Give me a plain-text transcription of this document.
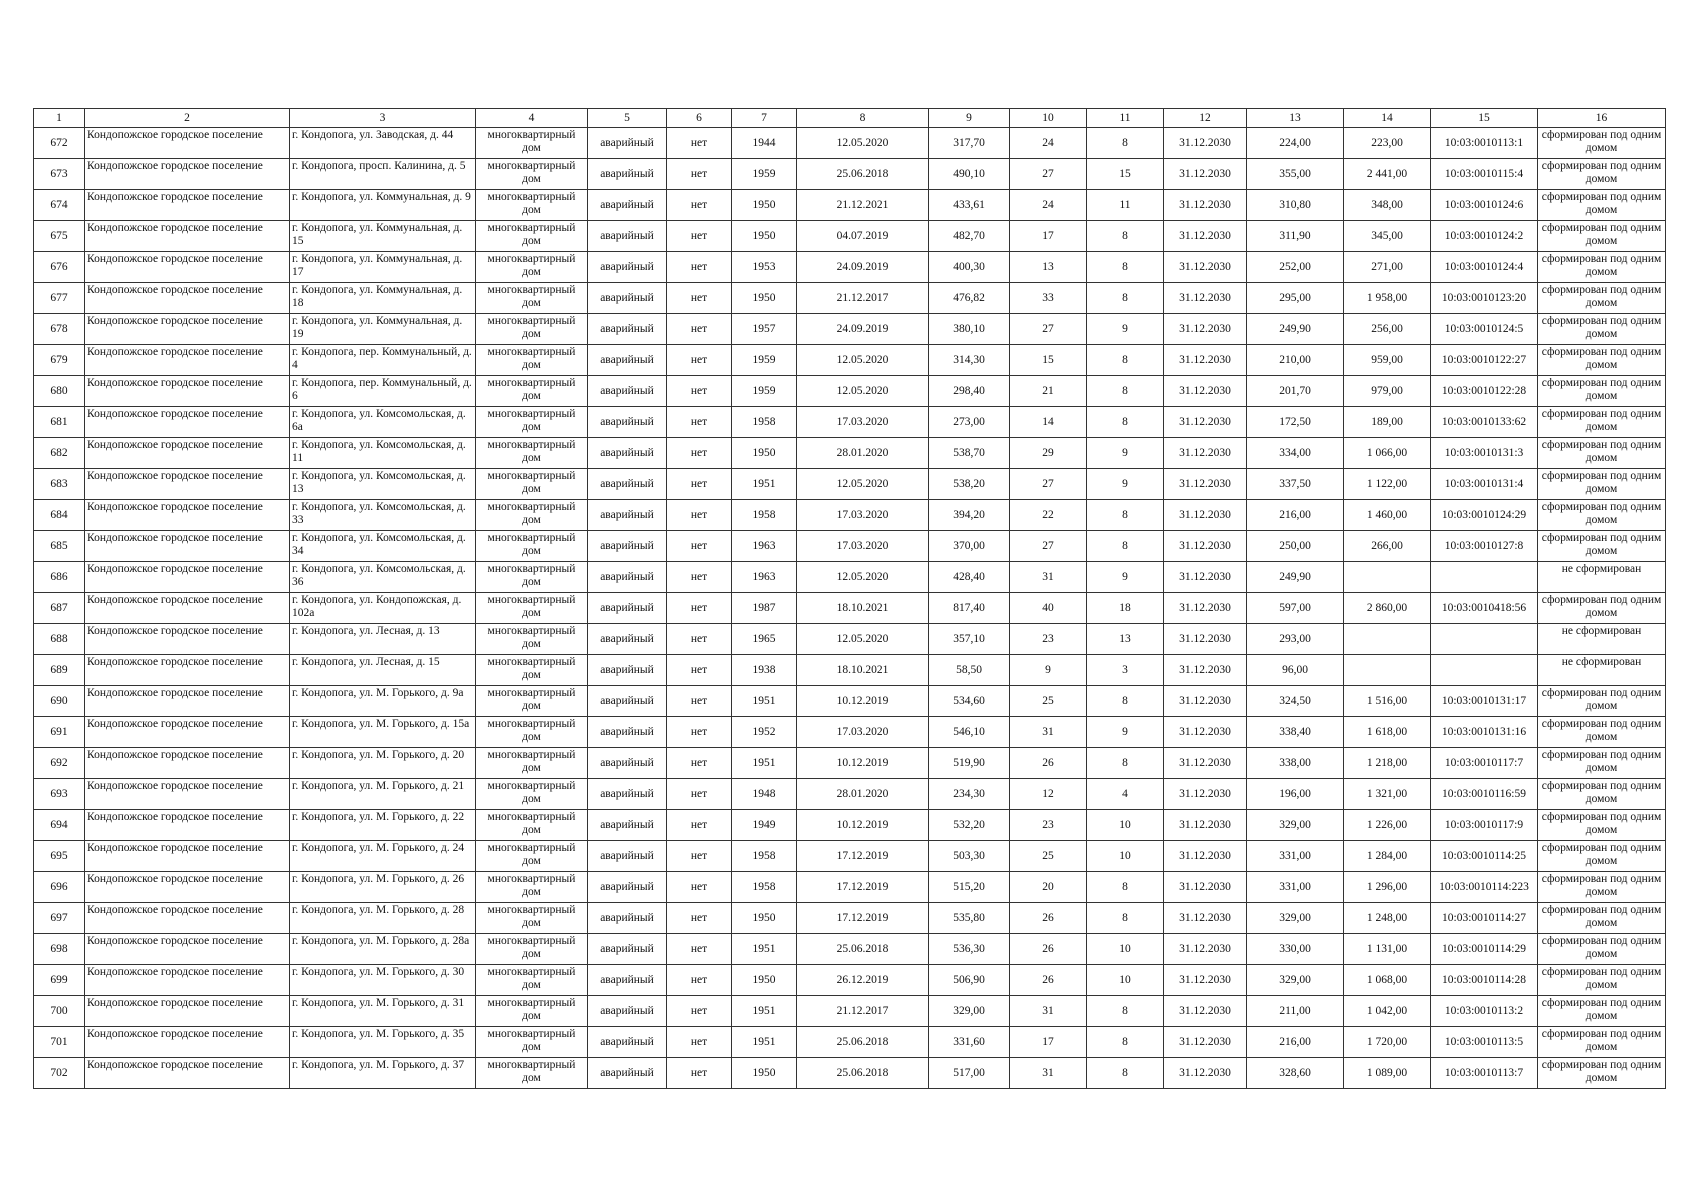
1	2	3	4	5	6	7	8	9	10	11	12	13	14	15	16
672	Кондопожское городское поселение	г. Кондопога, ул. Заводская, д. 44	многоквартирный дом	аварийный	нет	1944	12.05.2020	317,70	24	8	31.12.2030	224,00	223,00	10:03:0010113:1	сформирован под одним домом
673	Кондопожское городское поселение	г. Кондопога, просп. Калинина, д. 5	многоквартирный дом	аварийный	нет	1959	25.06.2018	490,10	27	15	31.12.2030	355,00	2 441,00	10:03:0010115:4	сформирован под одним домом
674	Кондопожское городское поселение	г. Кондопога, ул. Коммунальная, д. 9	многоквартирный дом	аварийный	нет	1950	21.12.2021	433,61	24	11	31.12.2030	310,80	348,00	10:03:0010124:6	сформирован под одним домом
675	Кондопожское городское поселение	г. Кондопога, ул. Коммунальная, д. 15	многоквартирный дом	аварийный	нет	1950	04.07.2019	482,70	17	8	31.12.2030	311,90	345,00	10:03:0010124:2	сформирован под одним домом
676	Кондопожское городское поселение	г. Кондопога, ул. Коммунальная, д. 17	многоквартирный дом	аварийный	нет	1953	24.09.2019	400,30	13	8	31.12.2030	252,00	271,00	10:03:0010124:4	сформирован под одним домом
677	Кондопожское городское поселение	г. Кондопога, ул. Коммунальная, д. 18	многоквартирный дом	аварийный	нет	1950	21.12.2017	476,82	33	8	31.12.2030	295,00	1 958,00	10:03:0010123:20	сформирован под одним домом
678	Кондопожское городское поселение	г. Кондопога, ул. Коммунальная, д. 19	многоквартирный дом	аварийный	нет	1957	24.09.2019	380,10	27	9	31.12.2030	249,90	256,00	10:03:0010124:5	сформирован под одним домом
679	Кондопожское городское поселение	г. Кондопога, пер. Коммунальный, д. 4	многоквартирный дом	аварийный	нет	1959	12.05.2020	314,30	15	8	31.12.2030	210,00	959,00	10:03:0010122:27	сформирован под одним домом
680	Кондопожское городское поселение	г. Кондопога, пер. Коммунальный, д. 6	многоквартирный дом	аварийный	нет	1959	12.05.2020	298,40	21	8	31.12.2030	201,70	979,00	10:03:0010122:28	сформирован под одним домом
681	Кондопожское городское поселение	г. Кондопога, ул. Комсомольская, д. 6а	многоквартирный дом	аварийный	нет	1958	17.03.2020	273,00	14	8	31.12.2030	172,50	189,00	10:03:0010133:62	сформирован под одним домом
682	Кондопожское городское поселение	г. Кондопога, ул. Комсомольская, д. 11	многоквартирный дом	аварийный	нет	1950	28.01.2020	538,70	29	9	31.12.2030	334,00	1 066,00	10:03:0010131:3	сформирован под одним домом
683	Кондопожское городское поселение	г. Кондопога, ул. Комсомольская, д. 13	многоквартирный дом	аварийный	нет	1951	12.05.2020	538,20	27	9	31.12.2030	337,50	1 122,00	10:03:0010131:4	сформирован под одним домом
684	Кондопожское городское поселение	г. Кондопога, ул. Комсомольская, д. 33	многоквартирный дом	аварийный	нет	1958	17.03.2020	394,20	22	8	31.12.2030	216,00	1 460,00	10:03:0010124:29	сформирован под одним домом
685	Кондопожское городское поселение	г. Кондопога, ул. Комсомольская, д. 34	многоквартирный дом	аварийный	нет	1963	17.03.2020	370,00	27	8	31.12.2030	250,00	266,00	10:03:0010127:8	сформирован под одним домом
686	Кондопожское городское поселение	г. Кондопога, ул. Комсомольская, д. 36	многоквартирный дом	аварийный	нет	1963	12.05.2020	428,40	31	9	31.12.2030	249,90			не сформирован
687	Кондопожское городское поселение	г. Кондопога, ул. Кондопожская, д. 102а	многоквартирный дом	аварийный	нет	1987	18.10.2021	817,40	40	18	31.12.2030	597,00	2 860,00	10:03:0010418:56	сформирован под одним домом
688	Кондопожское городское поселение	г. Кондопога, ул. Лесная, д. 13	многоквартирный дом	аварийный	нет	1965	12.05.2020	357,10	23	13	31.12.2030	293,00			не сформирован
689	Кондопожское городское поселение	г. Кондопога, ул. Лесная, д. 15	многоквартирный дом	аварийный	нет	1938	18.10.2021	58,50	9	3	31.12.2030	96,00			не сформирован
690	Кондопожское городское поселение	г. Кондопога, ул. М. Горького, д. 9а	многоквартирный дом	аварийный	нет	1951	10.12.2019	534,60	25	8	31.12.2030	324,50	1 516,00	10:03:0010131:17	сформирован под одним домом
691	Кондопожское городское поселение	г. Кондопога, ул. М. Горького, д. 15а	многоквартирный дом	аварийный	нет	1952	17.03.2020	546,10	31	9	31.12.2030	338,40	1 618,00	10:03:0010131:16	сформирован под одним домом
692	Кондопожское городское поселение	г. Кондопога, ул. М. Горького, д. 20	многоквартирный дом	аварийный	нет	1951	10.12.2019	519,90	26	8	31.12.2030	338,00	1 218,00	10:03:0010117:7	сформирован под одним домом
693	Кондопожское городское поселение	г. Кондопога, ул. М. Горького, д. 21	многоквартирный дом	аварийный	нет	1948	28.01.2020	234,30	12	4	31.12.2030	196,00	1 321,00	10:03:0010116:59	сформирован под одним домом
694	Кондопожское городское поселение	г. Кондопога, ул. М. Горького, д. 22	многоквартирный дом	аварийный	нет	1949	10.12.2019	532,20	23	10	31.12.2030	329,00	1 226,00	10:03:0010117:9	сформирован под одним домом
695	Кондопожское городское поселение	г. Кондопога, ул. М. Горького, д. 24	многоквартирный дом	аварийный	нет	1958	17.12.2019	503,30	25	10	31.12.2030	331,00	1 284,00	10:03:0010114:25	сформирован под одним домом
696	Кондопожское городское поселение	г. Кондопога, ул. М. Горького, д. 26	многоквартирный дом	аварийный	нет	1958	17.12.2019	515,20	20	8	31.12.2030	331,00	1 296,00	10:03:0010114:223	сформирован под одним домом
697	Кондопожское городское поселение	г. Кондопога, ул. М. Горького, д. 28	многоквартирный дом	аварийный	нет	1950	17.12.2019	535,80	26	8	31.12.2030	329,00	1 248,00	10:03:0010114:27	сформирован под одним домом
698	Кондопожское городское поселение	г. Кондопога, ул. М. Горького, д. 28а	многоквартирный дом	аварийный	нет	1951	25.06.2018	536,30	26	10	31.12.2030	330,00	1 131,00	10:03:0010114:29	сформирован под одним домом
699	Кондопожское городское поселение	г. Кондопога, ул. М. Горького, д. 30	многоквартирный дом	аварийный	нет	1950	26.12.2019	506,90	26	10	31.12.2030	329,00	1 068,00	10:03:0010114:28	сформирован под одним домом
700	Кондопожское городское поселение	г. Кондопога, ул. М. Горького, д. 31	многоквартирный дом	аварийный	нет	1951	21.12.2017	329,00	31	8	31.12.2030	211,00	1 042,00	10:03:0010113:2	сформирован под одним домом
701	Кондопожское городское поселение	г. Кондопога, ул. М. Горького, д. 35	многоквартирный дом	аварийный	нет	1951	25.06.2018	331,60	17	8	31.12.2030	216,00	1 720,00	10:03:0010113:5	сформирован под одним домом
702	Кондопожское городское поселение	г. Кондопога, ул. М. Горького, д. 37	многоквартирный дом	аварийный	нет	1950	25.06.2018	517,00	31	8	31.12.2030	328,60	1 089,00	10:03:0010113:7	сформирован под одним домом
